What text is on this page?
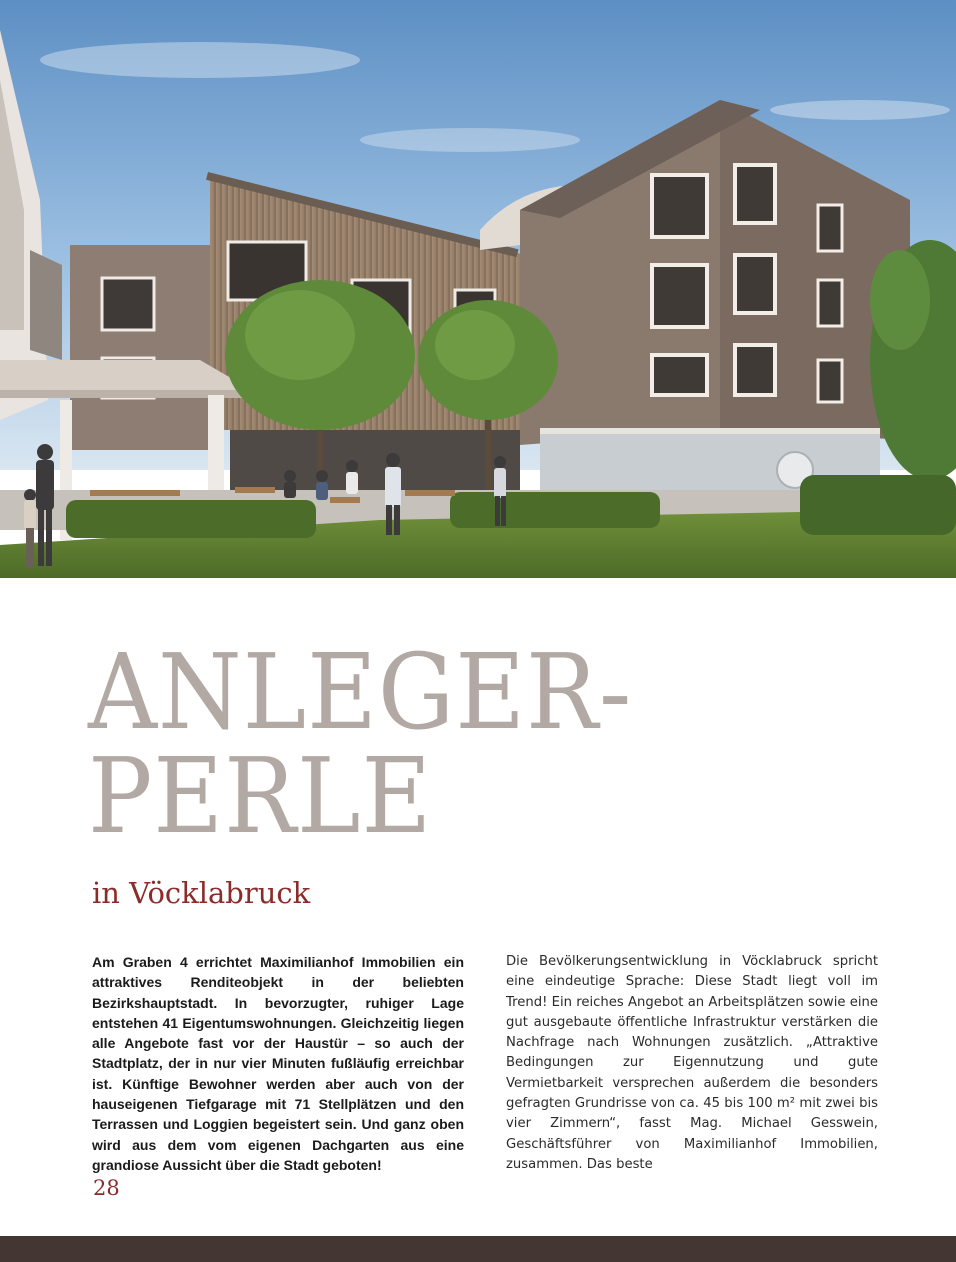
ANLEGER-
PERLE
in Vöcklabruck

Am Graben 4 errichtet Maximilianhof Immobilien ein attraktives Renditeobjekt in der beliebten Bezirkshauptstadt. In bevorzugter, ruhiger Lage entstehen 41 Eigentumswohnungen. Gleichzeitig liegen alle Angebote fast vor der Haustür – so auch der Stadtplatz, der in nur vier Minuten fußläufig erreichbar ist. Künftige Bewohner werden aber auch von der hauseigenen Tiefgarage mit 71 Stellplätzen und den Terrassen und Loggien begeistert sein. Und ganz oben wird aus dem vom eigenen Dachgarten aus eine grandiose Aussicht über die Stadt geboten!

Die Bevölkerungsentwicklung in Vöcklabruck spricht eine eindeutige Sprache: Diese Stadt liegt voll im Trend! Ein reiches Angebot an Arbeitsplätzen sowie eine gut ausgebaute öffentliche Infrastruktur verstärken die Nachfrage nach Wohnungen zusätzlich. „Attraktive Bedingungen zur Eigennutzung und gute Vermietbarkeit versprechen außerdem die besonders gefragten Grundrisse von ca. 45 bis 100 m² mit zwei bis vier Zimmern“, fasst Mag. Michael Gesswein, Geschäftsführer von Maximilianhof Immobilien, zusammen. Das beste

28
